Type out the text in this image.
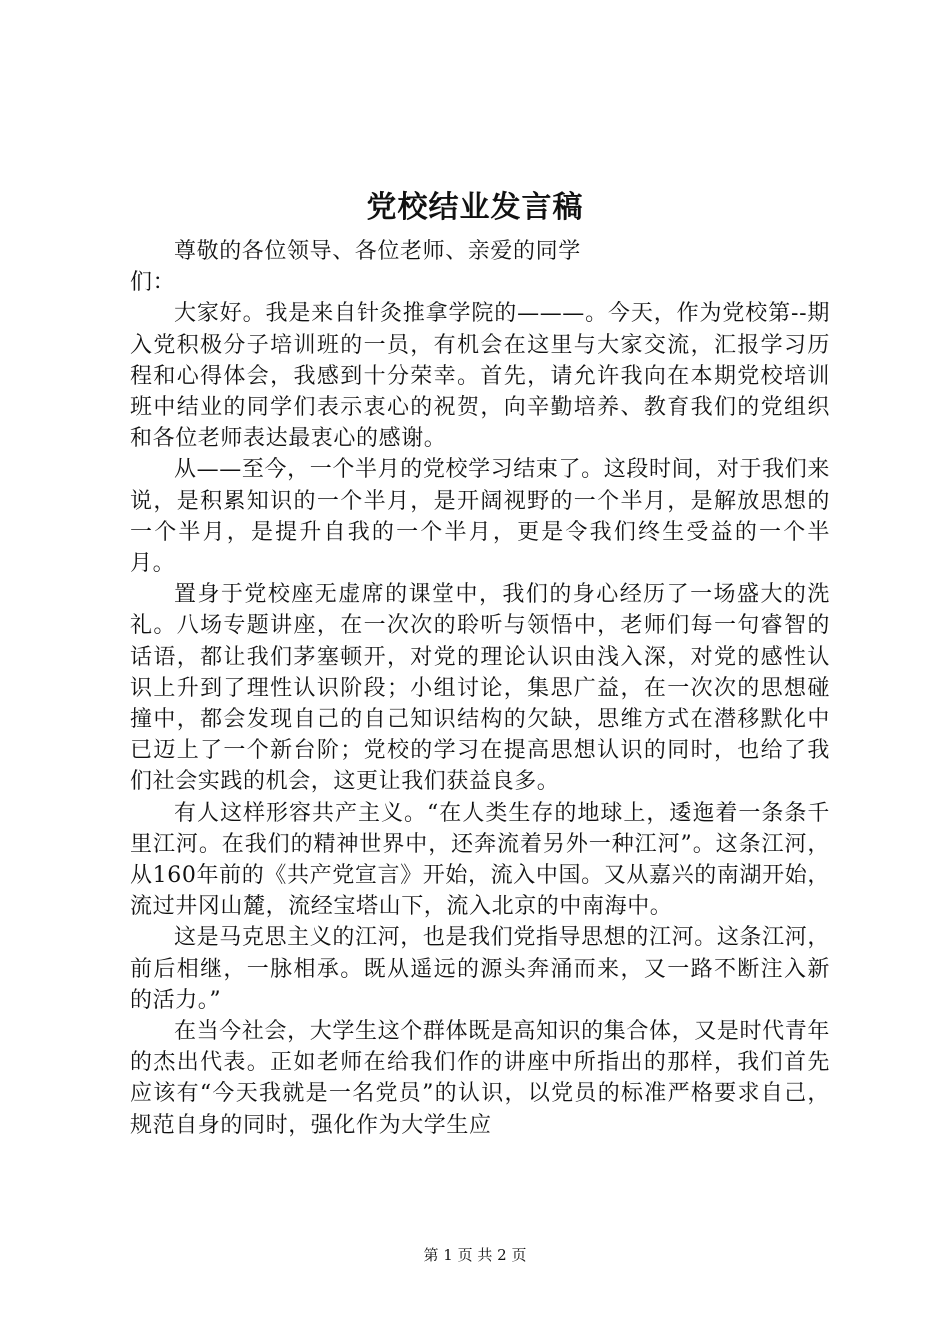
党校结业发言稿

尊敬的各位领导、各位老师、亲爱的同学们：

大家好。我是来自针灸推拿学院的———。今天，作为党校第--期入党积极分子培训班的一员，有机会在这里与大家交流，汇报学习历程和心得体会，我感到十分荣幸。首先，请允许我向在本期党校培训班中结业的同学们表示衷心的祝贺，向辛勤培养、教育我们的党组织和各位老师表达最衷心的感谢。

从——至今，一个半月的党校学习结束了。这段时间，对于我们来说，是积累知识的一个半月，是开阔视野的一个半月，是解放思想的一个半月，是提升自我的一个半月，更是令我们终生受益的一个半月。

置身于党校座无虚席的课堂中，我们的身心经历了一场盛大的洗礼。八场专题讲座，在一次次的聆听与领悟中，老师们每一句睿智的话语，都让我们茅塞顿开，对党的理论认识由浅入深，对党的感性认识上升到了理性认识阶段；小组讨论，集思广益，在一次次的思想碰撞中，都会发现自己的自己知识结构的欠缺，思维方式在潜移默化中已迈上了一个新台阶；党校的学习在提高思想认识的同时，也给了我们社会实践的机会，这更让我们获益良多。

有人这样形容共产主义。“在人类生存的地球上，逶迤着一条条千里江河。在我们的精神世界中，还奔流着另外一种江河”。这条江河，从160年前的《共产党宣言》开始，流入中国。又从嘉兴的南湖开始，流过井冈山麓，流经宝塔山下，流入北京的中南海中。

这是马克思主义的江河，也是我们党指导思想的江河。这条江河，前后相继，一脉相承。既从遥远的源头奔涌而来，又一路不断注入新的活力。”

在当今社会，大学生这个群体既是高知识的集合体，又是时代青年的杰出代表。正如老师在给我们作的讲座中所指出的那样，我们首先应该有“今天我就是一名党员”的认识，以党员的标准严格要求自己，规范自身的同时，强化作为大学生应

第 1 页 共 2 页
